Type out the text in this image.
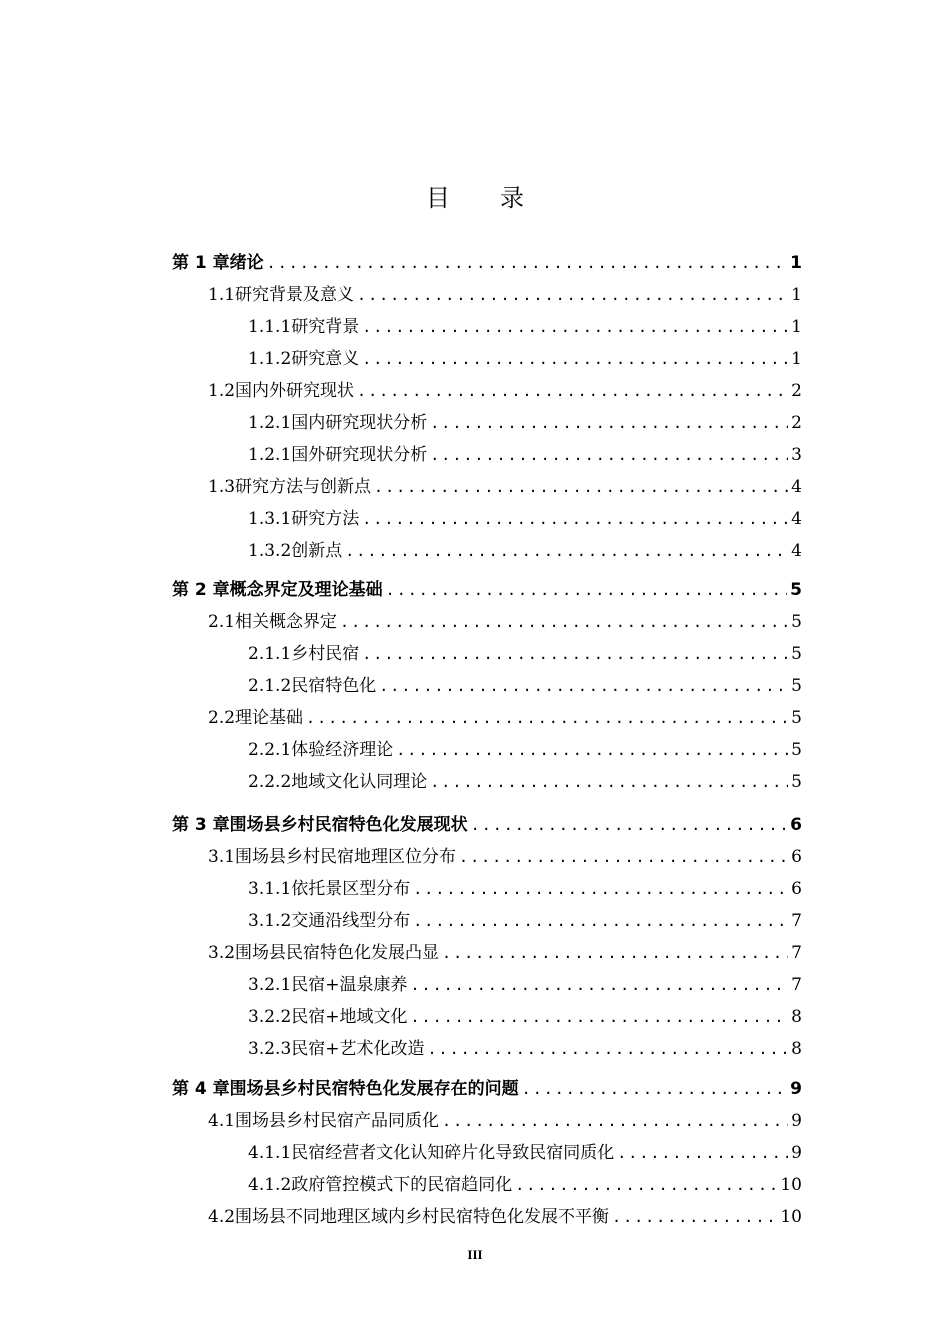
目 录
第 1 章 绪论 .....	1
1.1 研究背景及意义 .....	1
1.1.1 研究背景 .....	1
1.1.2 研究意义 .....	1
1.2 国内外研究现状 .....	2
1.2.1 国内研究现状分析 .....	2
1.2.1 国外研究现状分析 .....	3
1.3 研究方法与创新点 .....	4
1.3.1 研究方法 .....	4
1.3.2 创新点 .....	4
第 2 章 概念界定及理论基础 .....	5
2.1 相关概念界定 .....	5
2.1.1 乡村民宿 .....	5
2.1.2 民宿特色化 .....	5
2.2 理论基础 .....	5
2.2.1 体验经济理论 .....	5
2.2.2 地域文化认同理论 .....	5
第 3 章 围场县乡村民宿特色化发展现状 .....	6
3.1 围场县乡村民宿地理区位分布 .....	6
3.1.1 依托景区型分布 .....	6
3.1.2 交通沿线型分布 .....	7
3.2 围场县民宿特色化发展凸显 .....	7
3.2.1 民宿+温泉康养 .....	7
3.2.2 民宿+地域文化 .....	8
3.2.3 民宿+艺术化改造 .....	8
第 4 章 围场县乡村民宿特色化发展存在的问题 .....	9
4.1 围场县乡村民宿产品同质化 .....	9
4.1.1 民宿经营者文化认知碎片化导致民宿同质化 .....	9
4.1.2 政府管控模式下的民宿趋同化 .....	10
4.2 围场县不同地理区域内乡村民宿特色化发展不平衡 .....	10
III
